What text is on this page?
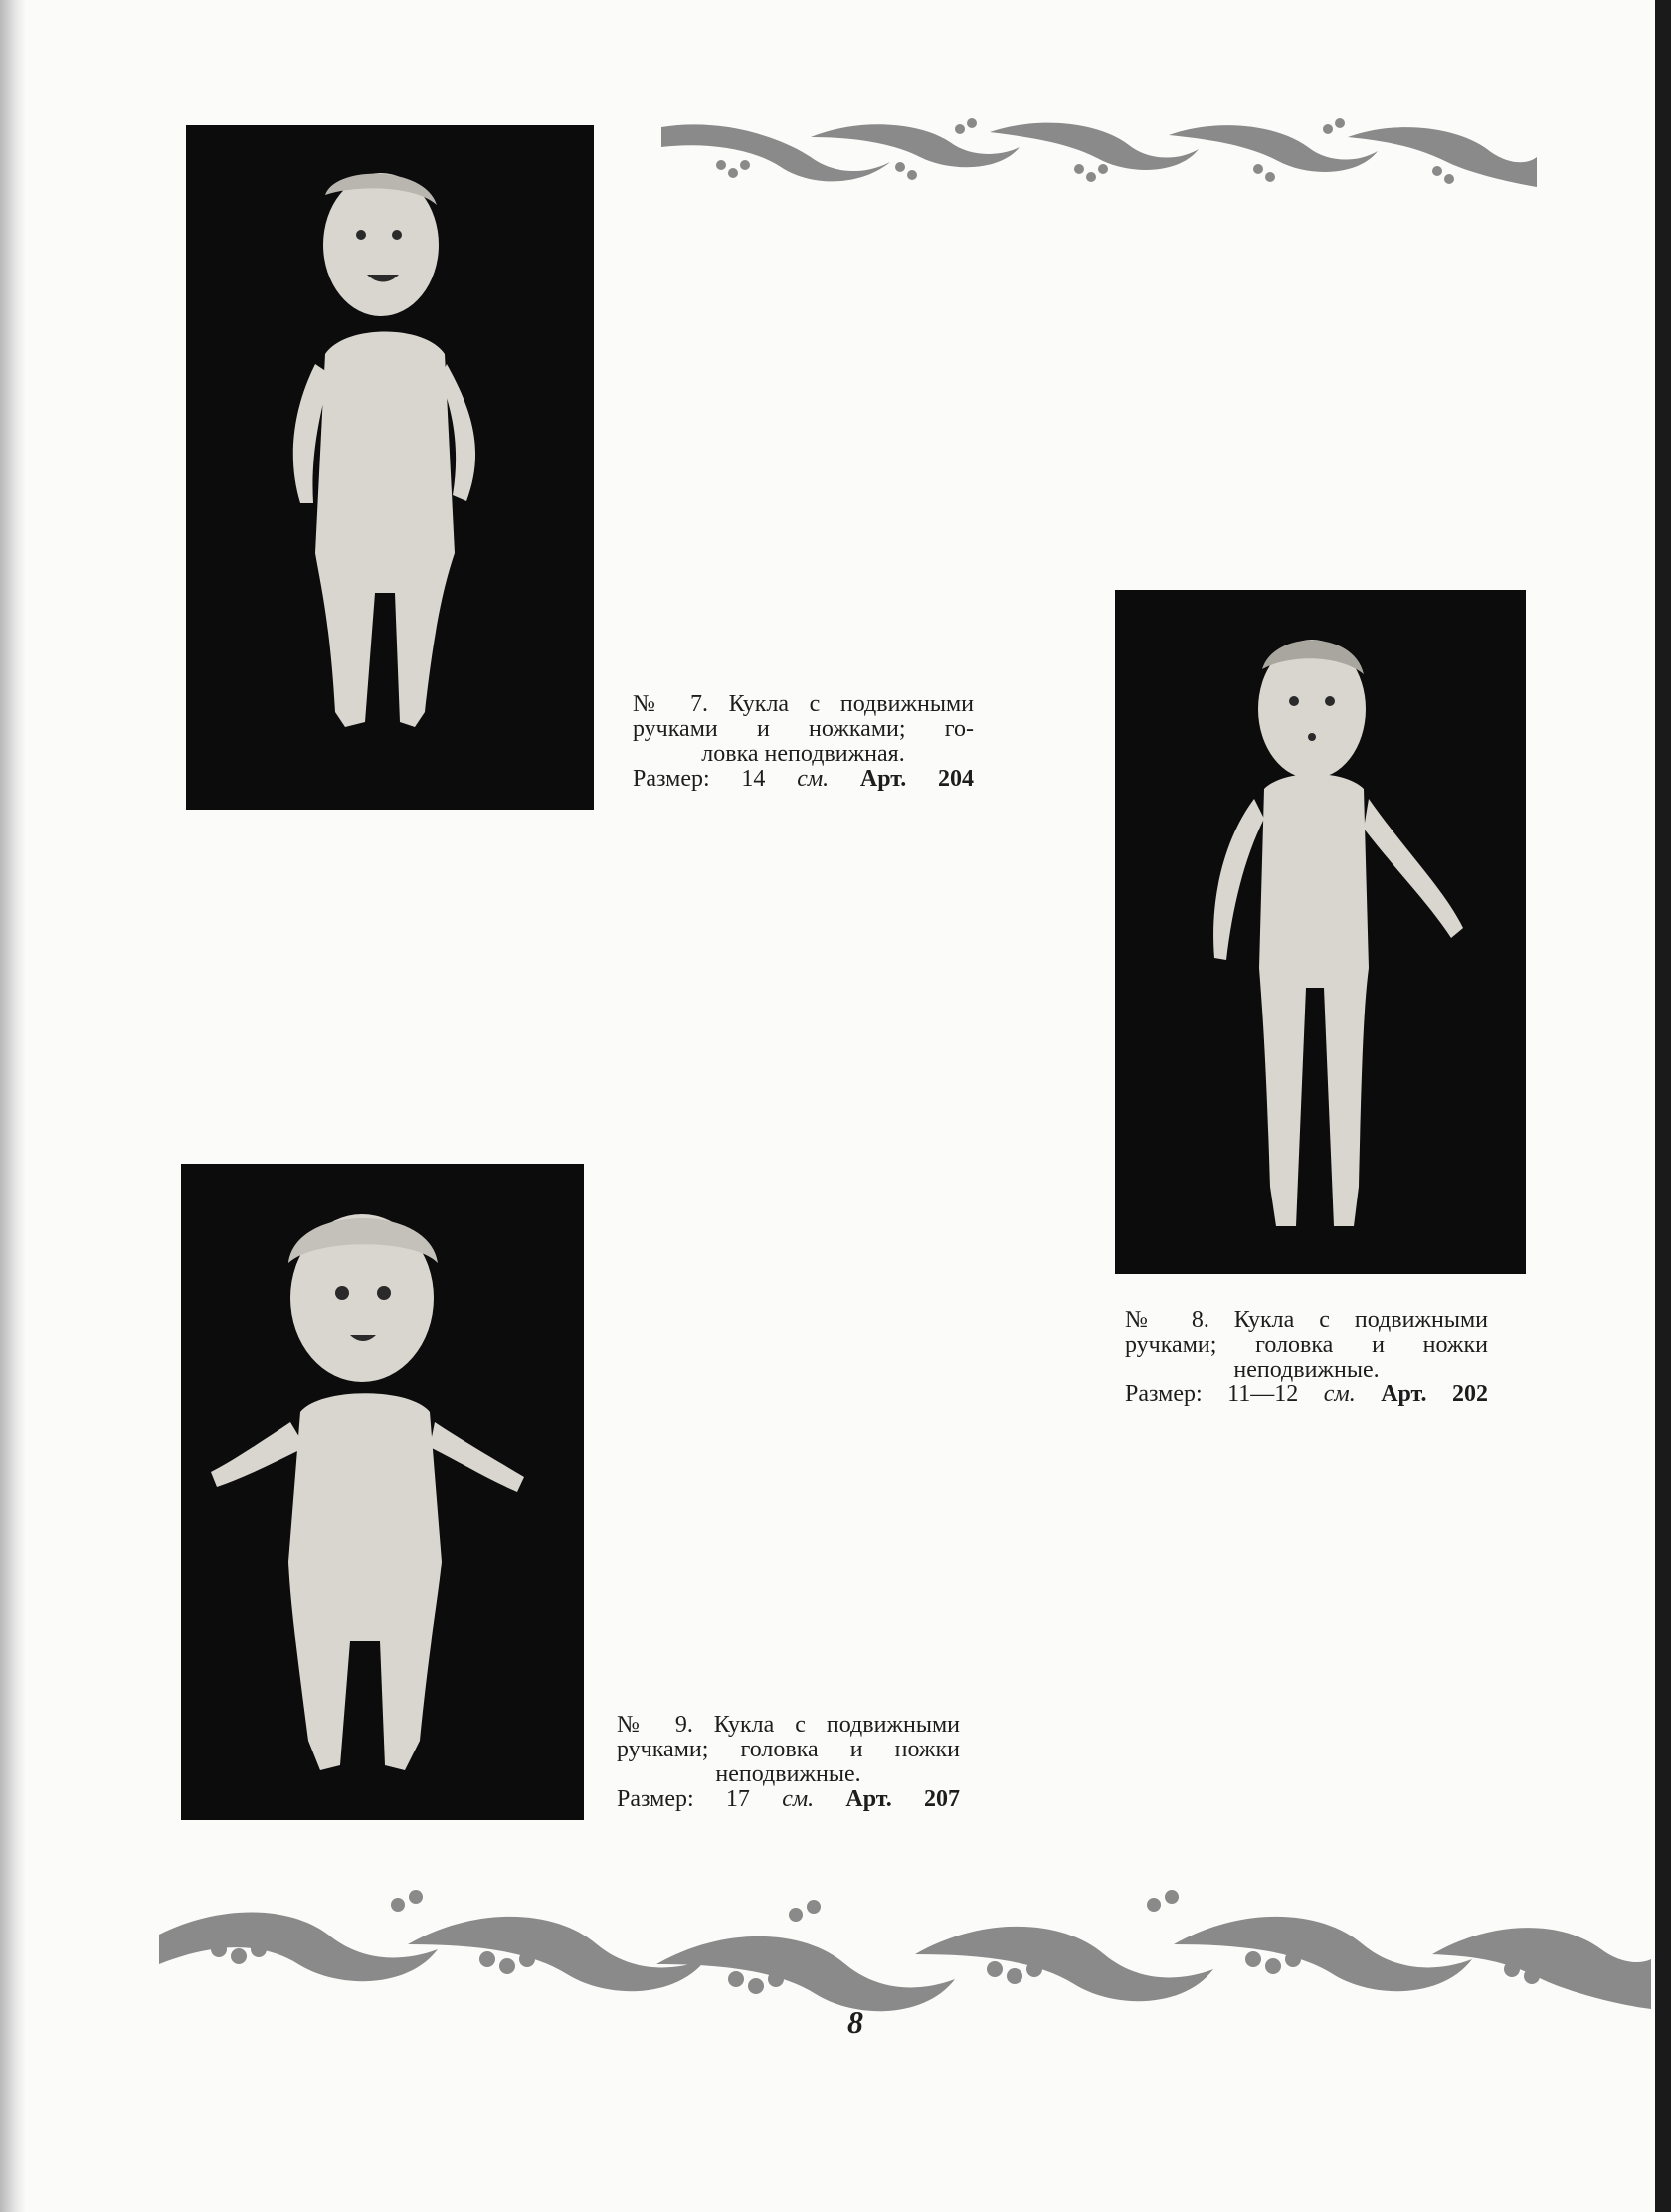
№ 7. Кукла с подвижными
ручками и ножками; го-
ловка неподвижная.
Размер: 14 см. Арт. 204
№ 8. Кукла с подвижными
ручками; головка и ножки
неподвижные.
Размер: 11—12 см. Арт. 202
№ 9. Кукла с подвижными
ручками; головка и ножки
неподвижные.
Размер: 17 см. Арт. 207
8
